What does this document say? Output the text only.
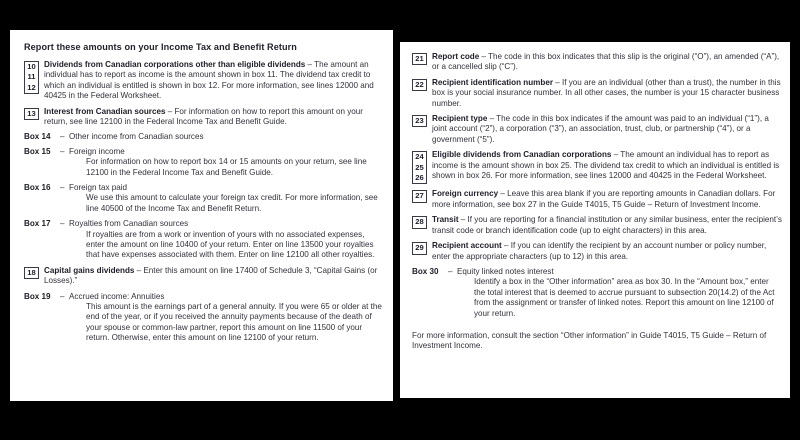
Report these amounts on your Income Tax and Benefit Return
10
11
12
Dividends from Canadian corporations other than eligible dividends – The amount an individual has to report as income is the amount shown in box 11. The dividend tax credit to which an individual is entitled is shown in box 12. For more information, see lines 12000 and 40425 in the Federal Worksheet.
13 Interest from Canadian sources – For information on how to report this amount on your return, see line 12100 in the Federal Income Tax and Benefit Guide.
Box 14	– Other income from Canadian sources
Box 15	– Foreign income
For information on how to report box 14 or 15 amounts on your return, see line 12100 in the Federal Income Tax and Benefit Guide.
Box 16	– Foreign tax paid
We use this amount to calculate your foreign tax credit. For more information, see line 40500 of the Income Tax and Benefit Return.
Box 17	– Royalties from Canadian sources
If royalties are from a work or invention of yours with no associated expenses, enter the amount on line 10400 of your return. Enter on line 13500 your royalties that have expenses associated with them. Enter on line 12100 all other royalties.
18 Capital gains dividends – Enter this amount on line 17400 of Schedule 3, “Capital Gains (or Losses).”
Box 19	– Accrued income: Annuities
This amount is the earnings part of a general annuity. If you were 65 or older at the end of the year, or if you received the annuity payments because of the death of your spouse or common-law partner, report this amount on line 11500 of your return. Otherwise, enter this amount on line 12100 of your return.
21 Report code – The code in this box indicates that this slip is the original (“O”), an amended (“A”), or a cancelled slip (“C”).
22 Recipient identification number – If you are an individual (other than a trust), the number in this box is your social insurance number. In all other cases, the number is your 15 character business number.
23 Recipient type – The code in this box indicates if the amount was paid to an individual (“1”), a joint account (“2”), a corporation (“3”), an association, trust, club, or partnership (“4”), or a government (“5”).
24
25
26
Eligible dividends from Canadian corporations – The amount an individual has to report as income is the amount shown in box 25. The dividend tax credit to which an individual is entitled is shown in box 26. For more information, see lines 12000 and 40425 in the Federal Worksheet.
27 Foreign currency – Leave this area blank if you are reporting amounts in Canadian dollars. For more information, see box 27 in the Guide T4015, T5 Guide – Return of Investment Income.
28 Transit – If you are reporting for a financial institution or any similar business, enter the recipient’s transit code or branch identification code (up to eight characters) in this area.
29 Recipient account – If you can identify the recipient by an account number or policy number, enter the appropriate characters (up to 12) in this area.
Box 30	– Equity linked notes interest
Identify a box in the “Other information” area as box 30. In the “Amount box,” enter the total interest that is deemed to accrue pursuant to subsection 20(14.2) of the Act from the assignment or transfer of linked notes. Report this amount on line 12100 of your return.
For more information, consult the section “Other information” in Guide T4015, T5 Guide – Return of Investment Income.
